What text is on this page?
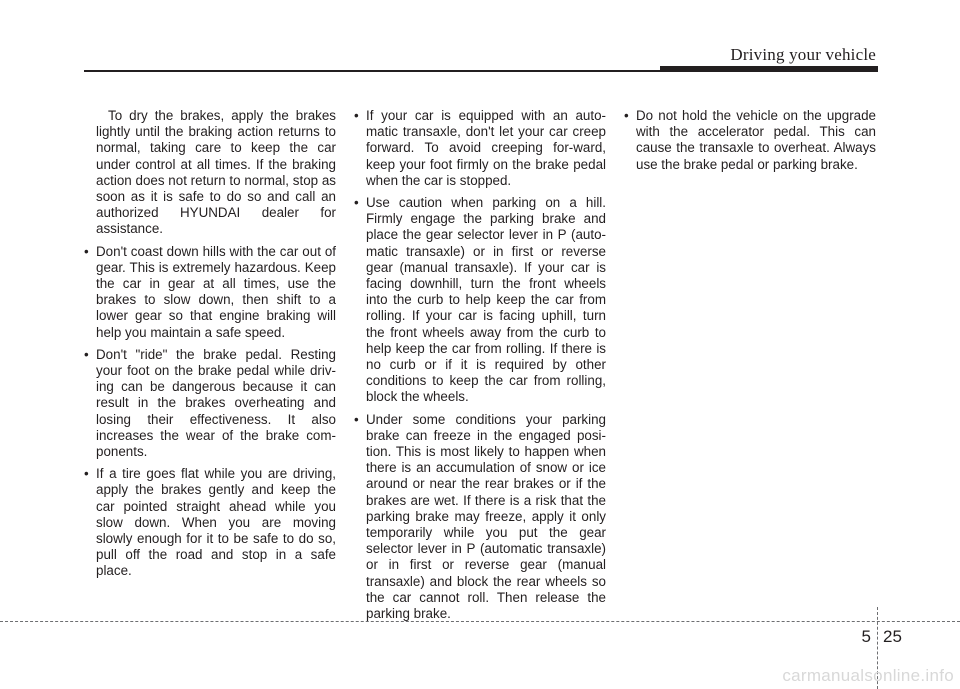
Driving your vehicle

To dry the brakes, apply the brakes lightly until the braking action returns to normal, taking care to keep the car under control at all times. If the braking action does not return to normal, stop as soon as it is safe to do so and call an authorized HYUNDAI dealer for assistance.

• Don't coast down hills with the car out of gear. This is extremely hazardous. Keep the car in gear at all times, use the brakes to slow down, then shift to a lower gear so that engine braking will help you maintain a safe speed.
• Don't "ride" the brake pedal. Resting your foot on the brake pedal while driv-ing can be dangerous because it can result in the brakes overheating and losing their effectiveness. It also increases the wear of the brake com-ponents.
• If a tire goes flat while you are driving, apply the brakes gently and keep the car pointed straight ahead while you slow down. When you are moving slowly enough for it to be safe to do so, pull off the road and stop in a safe place.
• If your car is equipped with an auto-matic transaxle, don't let your car creep forward. To avoid creeping for-ward, keep your foot firmly on the brake pedal when the car is stopped.
• Use caution when parking on a hill. Firmly engage the parking brake and place the gear selector lever in P (auto-matic transaxle) or in first or reverse gear (manual transaxle). If your car is facing downhill, turn the front wheels into the curb to help keep the car from rolling. If your car is facing uphill, turn the front wheels away from the curb to help keep the car from rolling. If there is no curb or if it is required by other conditions to keep the car from rolling, block the wheels.
• Under some conditions your parking brake can freeze in the engaged posi-tion. This is most likely to happen when there is an accumulation of snow or ice around or near the rear brakes or if the brakes are wet. If there is a risk that the parking brake may freeze, apply it only temporarily while you put the gear selector lever in P (automatic transaxle) or in first or reverse gear (manual transaxle) and block the rear wheels so the car cannot roll. Then release the parking brake.
• Do not hold the vehicle on the upgrade with the accelerator pedal. This can cause the transaxle to overheat. Always use the brake pedal or parking brake.
5 25
carmanualsonline.info
